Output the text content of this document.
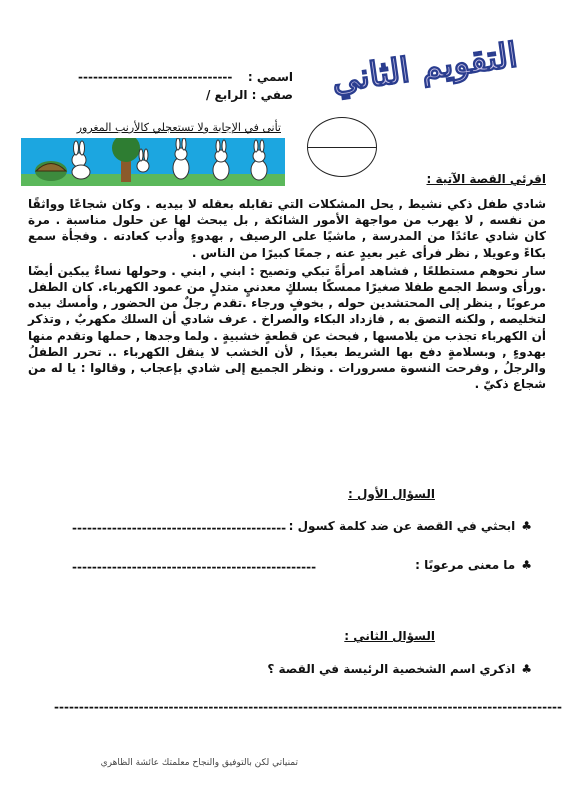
التقويم الثاني
اسمي :
-------------------------------
صفي : الرابع /
تأنى في الإجابة ولا تستعجلي كالأرنب المغرور
اقرئي القصة الآتية :

شادي طفل ذكي نشيط , يحل المشكلات التي تقابله بعقله لا بيديه . وكان شجاعًا وواثقًا من نفسه , لا يهرب من مواجهة الأمور الشائكة , بل يبحث لها عن حلول مناسبة . مرة كان شادي عائدًا من المدرسة , ماشيًا على الرصيف , بهدوءٍ وأدب كعادته . وفجأة سمع بكاءً وعويلا , نظر فرأى غير بعيدٍ عنه , جمعًا كبيرًا من الناس .

سار نحوهم مستطلعًا , فشاهد امرأةً تبكي وتصيح : ابني , ابني . وحولها نساءٌ يبكين أيضًا .ورأى وسط الجمع طفلا صغيرًا ممسكًا بسلكٍ معدنيٍ متدلٍ من عمود الكهرباء. كان الطفل مرعوبًا , ينظر إلى المحتشدين حوله , بخوفٍ ورجاء .تقدم رجلٌ من الحضور , وأمسك بيده لتخليصه , ولكنه التصق به , فازداد البكاء والصراخ . عرف شادي أن السلك مكهربٌ , وتذكر أن الكهرباء تجذب من يلامسها , فبحث عن قطعةٍ خشبيةٍ . ولما وجدها , حملها وتقدم منها بهدوءٍ , وبسلامةٍ دفع بها الشريط بعيدًا , لأن الخشب لا ينقل الكهرباء .. تحرر الطفلُ والرجلُ , وفرحت النسوة مسرورات . ونظر الجميع إلى شادي بإعجاب , وقالوا : يا له من شجاع ذكيّ .

السؤال الأول :
♣ابحثي في القصة عن ضد كلمة كسول :
-------------------------------------------
♣ما معنى مرعوبًا :
-------------------------------------------------
السؤال الثاني :
♣اذكري اسم الشخصية الرئيسة في القصة ؟
------------------------------------------------------------------------------------------------------
تمنياتي لكن بالتوفيق والنجاح معلمتك عائشة الظاهري
